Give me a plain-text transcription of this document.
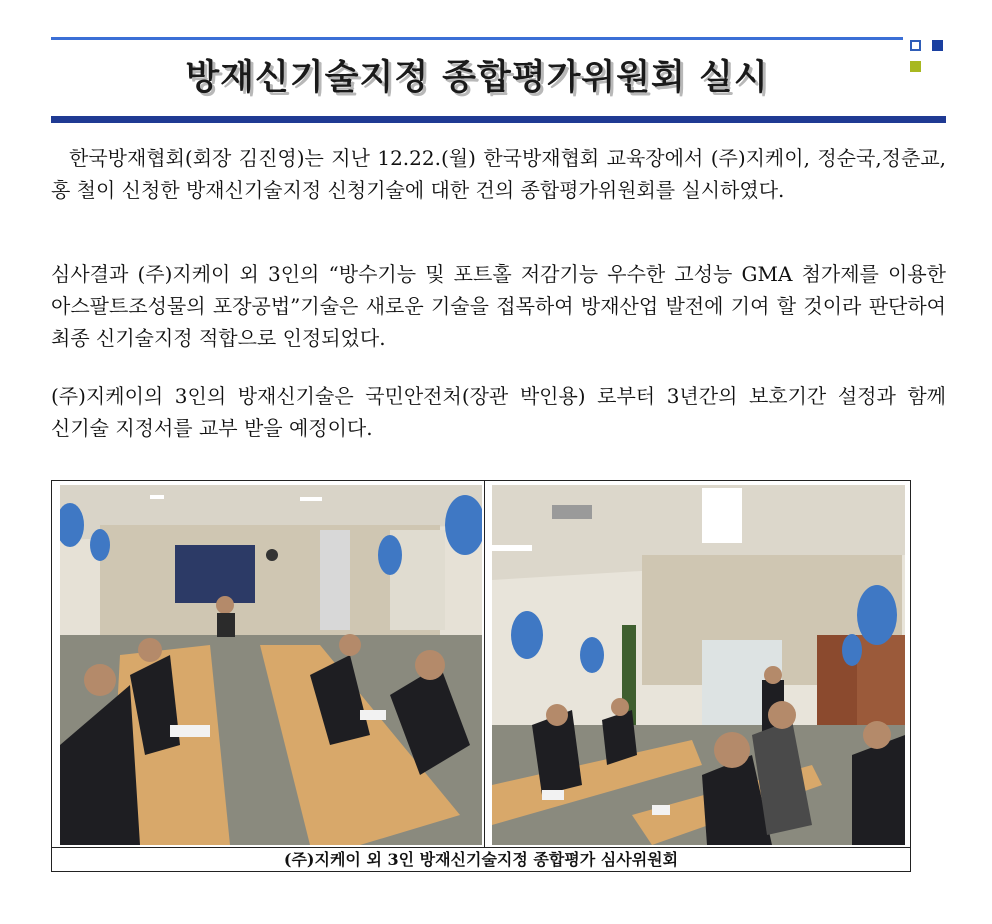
방재신기술지정 종합평가위원회 실시

한국방재협회(회장 김진영)는 지난 12.22.(월) 한국방재협회 교육장에서 (주)지케이, 정순국,정춘교, 홍 철이 신청한 방재신기술지정 신청기술에 대한 건의 종합평가위원회를 실시하였다.

심사결과 (주)지케이 외 3인의 “방수기능 및 포트홀 저감기능 우수한 고성능 GMA 첨가제를 이용한 아스팔트조성물의 포장공법”기술은 새로운 기술을 접목하여 방재산업 발전에 기여 할 것이라 판단하여 최종 신기술지정 적합으로 인정되었다.

(주)지케이의 3인의 방재신기술은 국민안전처(장관 박인용) 로부터 3년간의 보호기간 설정과 함께 신기술 지정서를 교부 받을 예정이다.

(주)지케이 외 3인 방재신기술지정 종합평가 심사위원회
